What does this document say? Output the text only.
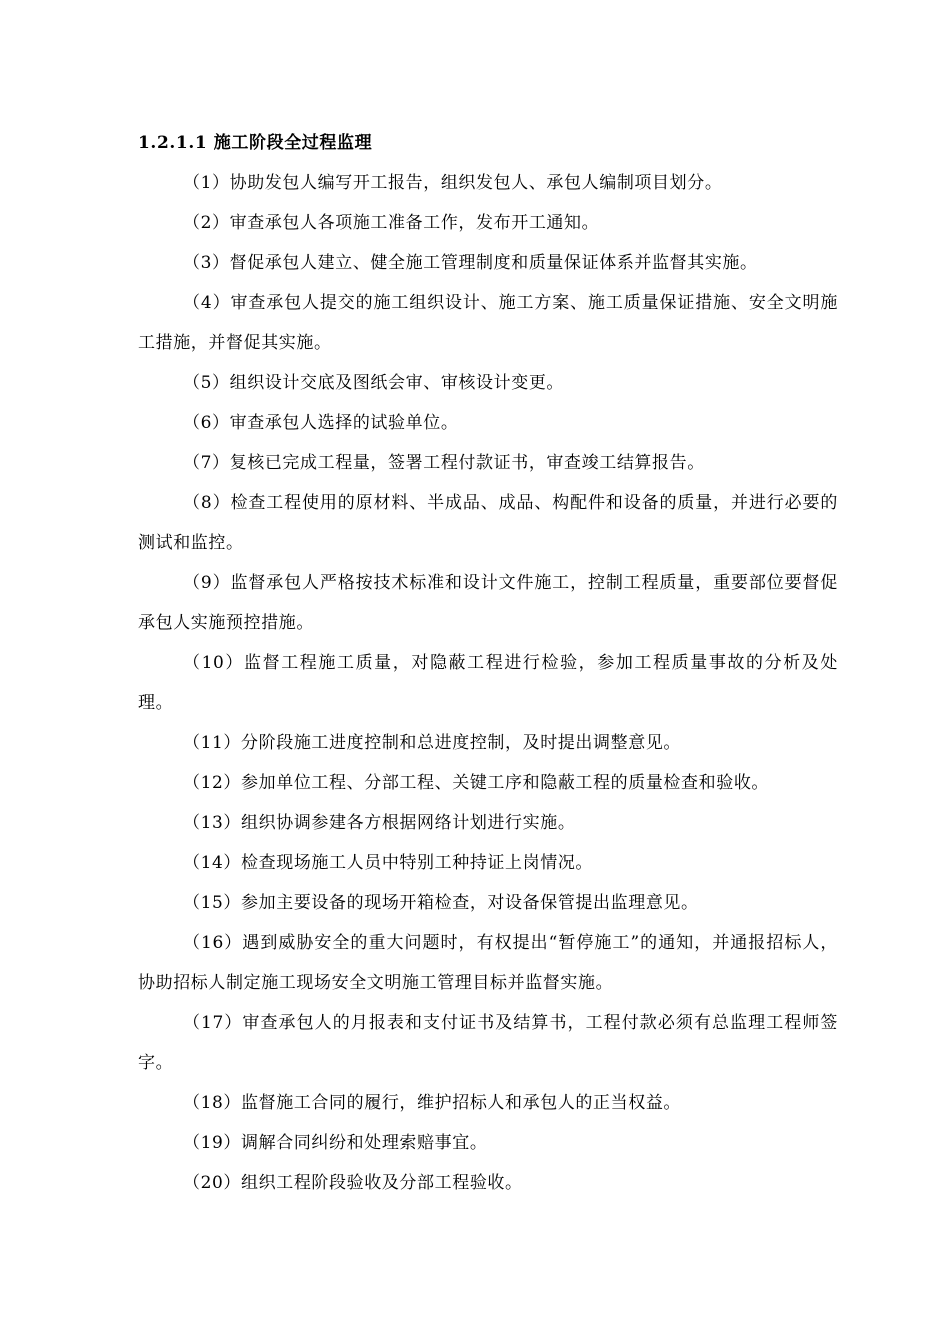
1.2.1.1 施工阶段全过程监理

（1）协助发包人编写开工报告，组织发包人、承包人编制项目划分。

（2）审查承包人各项施工准备工作，发布开工通知。

（3）督促承包人建立、健全施工管理制度和质量保证体系并监督其实施。

（4）审查承包人提交的施工组织设计、施工方案、施工质量保证措施、安全文明施工措施，并督促其实施。

（5）组织设计交底及图纸会审、审核设计变更。

（6）审查承包人选择的试验单位。

（7）复核已完成工程量，签署工程付款证书，审查竣工结算报告。

（8）检查工程使用的原材料、半成品、成品、构配件和设备的质量，并进行必要的测试和监控。

（9）监督承包人严格按技术标准和设计文件施工，控制工程质量，重要部位要督促承包人实施预控措施。

（10）监督工程施工质量，对隐蔽工程进行检验，参加工程质量事故的分析及处理。

（11）分阶段施工进度控制和总进度控制，及时提出调整意见。

（12）参加单位工程、分部工程、关键工序和隐蔽工程的质量检查和验收。

（13）组织协调参建各方根据网络计划进行实施。

（14）检查现场施工人员中特别工种持证上岗情况。

（15）参加主要设备的现场开箱检查，对设备保管提出监理意见。

（16）遇到威胁安全的重大问题时，有权提出“暂停施工”的通知，并通报招标人，协助招标人制定施工现场安全文明施工管理目标并监督实施。

（17）审查承包人的月报表和支付证书及结算书，工程付款必须有总监理工程师签字。

（18）监督施工合同的履行，维护招标人和承包人的正当权益。

（19）调解合同纠纷和处理索赔事宜。

（20）组织工程阶段验收及分部工程验收。
